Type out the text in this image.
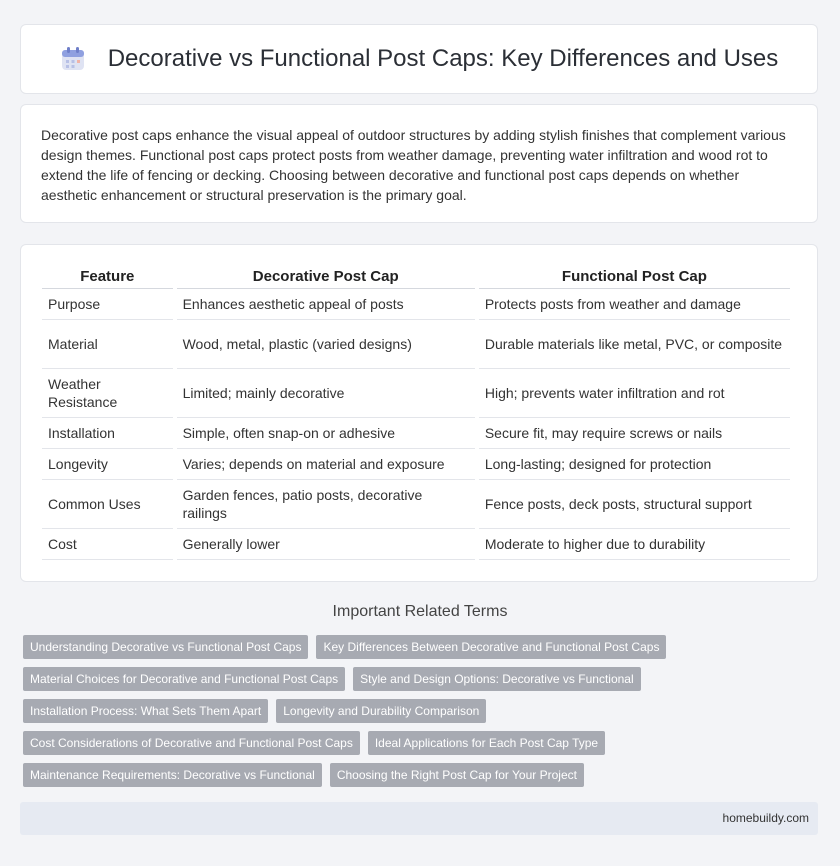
Decorative vs Functional Post Caps: Key Differences and Uses

Decorative post caps enhance the visual appeal of outdoor structures by adding stylish finishes that complement various design themes. Functional post caps protect posts from weather damage, preventing water infiltration and wood rot to extend the life of fencing or decking. Choosing between decorative and functional post caps depends on whether aesthetic enhancement or structural preservation is the primary goal.

Feature	Decorative Post Cap	Functional Post Cap
Purpose	Enhances aesthetic appeal of posts	Protects posts from weather and damage
Material	Wood, metal, plastic (varied designs)	Durable materials like metal, PVC, or composite
Weather Resistance	Limited; mainly decorative	High; prevents water infiltration and rot
Installation	Simple, often snap-on or adhesive	Secure fit, may require screws or nails
Longevity	Varies; depends on material and exposure	Long-lasting; designed for protection
Common Uses	Garden fences, patio posts, decorative railings	Fence posts, deck posts, structural support
Cost	Generally lower	Moderate to higher due to durability
Important Related Terms
Understanding Decorative vs Functional Post Caps	Key Differences Between Decorative and Functional Post Caps
Material Choices for Decorative and Functional Post Caps	Style and Design Options: Decorative vs Functional
Installation Process: What Sets Them Apart	Longevity and Durability Comparison
Cost Considerations of Decorative and Functional Post Caps	Ideal Applications for Each Post Cap Type
Maintenance Requirements: Decorative vs Functional	Choosing the Right Post Cap for Your Project
homebuildy.com
